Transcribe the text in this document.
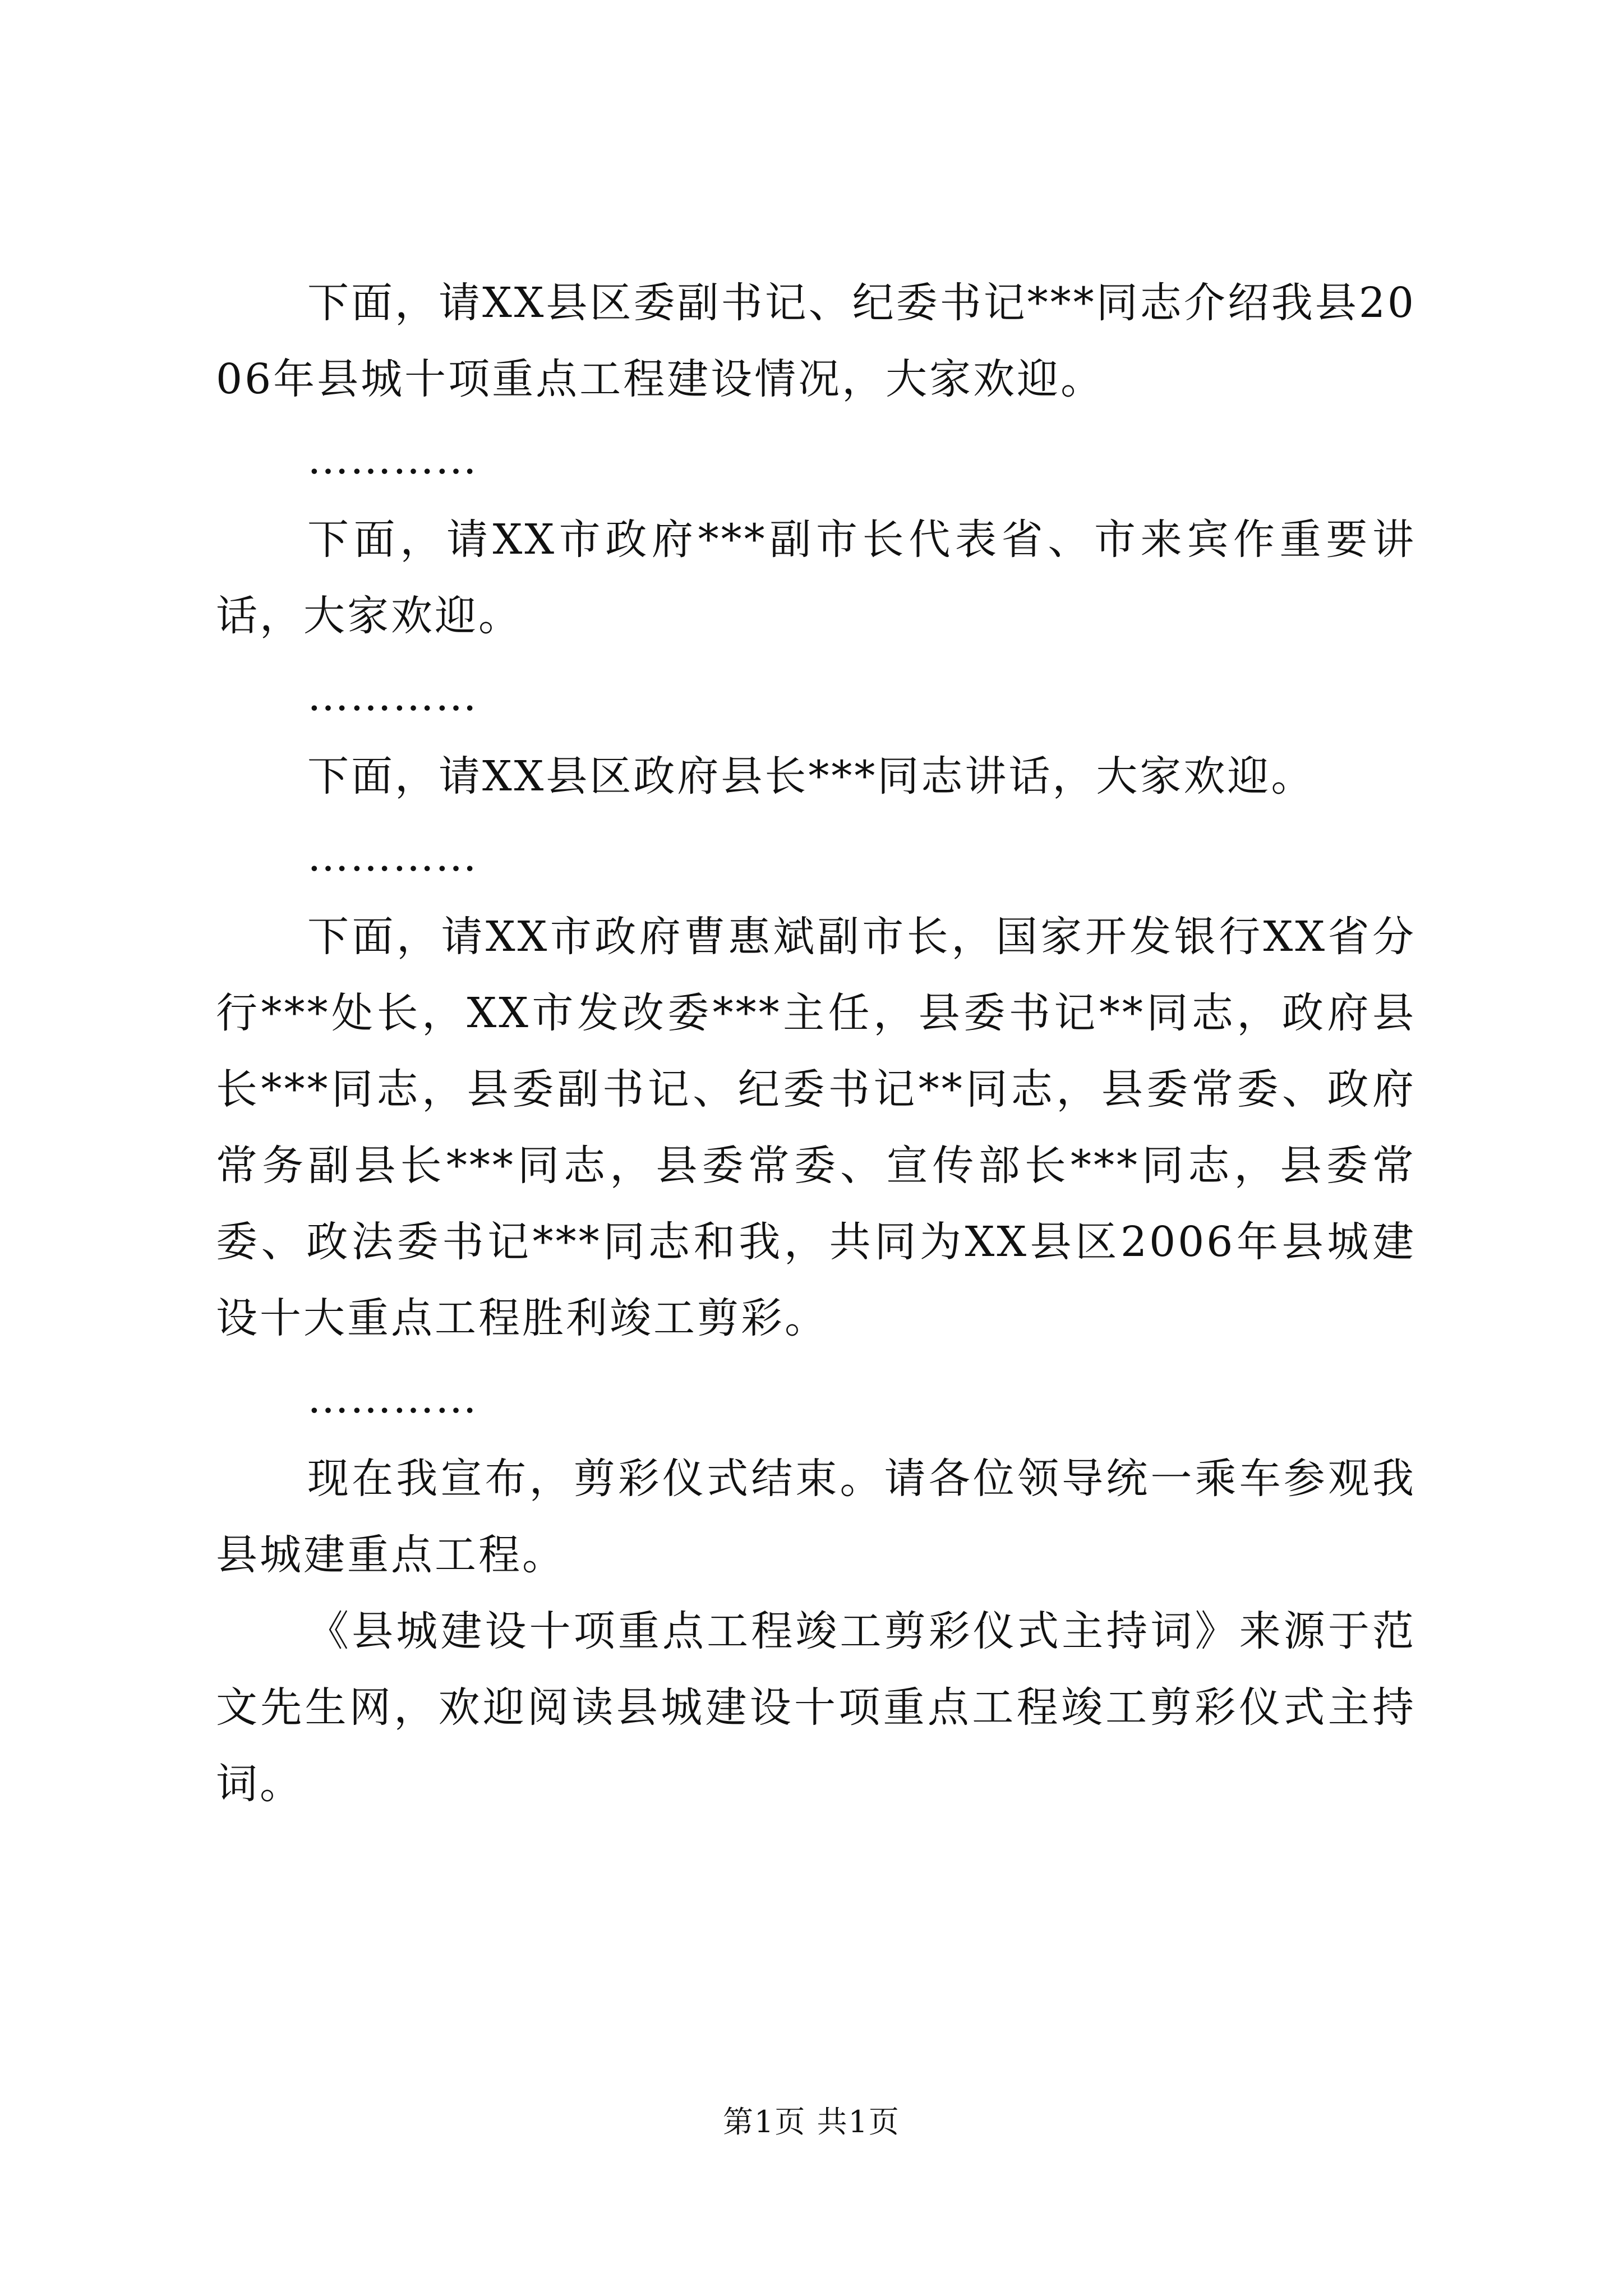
下面，请XX县区委副书记、纪委书记***同志介绍我县2006年县城十项重点工程建设情况，大家欢迎。

…………

下面，请XX市政府***副市长代表省、市来宾作重要讲话，大家欢迎。

…………

下面，请XX县区政府县长***同志讲话，大家欢迎。

…………

下面，请XX市政府曹惠斌副市长，国家开发银行XX省分行***处长，XX市发改委***主任，县委书记**同志，政府县长***同志，县委副书记、纪委书记**同志，县委常委、政府常务副县长***同志，县委常委、宣传部长***同志，县委常委、政法委书记***同志和我，共同为XX县区2006年县城建设十大重点工程胜利竣工剪彩。

…………

现在我宣布，剪彩仪式结束。请各位领导统一乘车参观我县城建重点工程。

《县城建设十项重点工程竣工剪彩仪式主持词》来源于范文先生网，欢迎阅读县城建设十项重点工程竣工剪彩仪式主持词。

第1页 共1页
